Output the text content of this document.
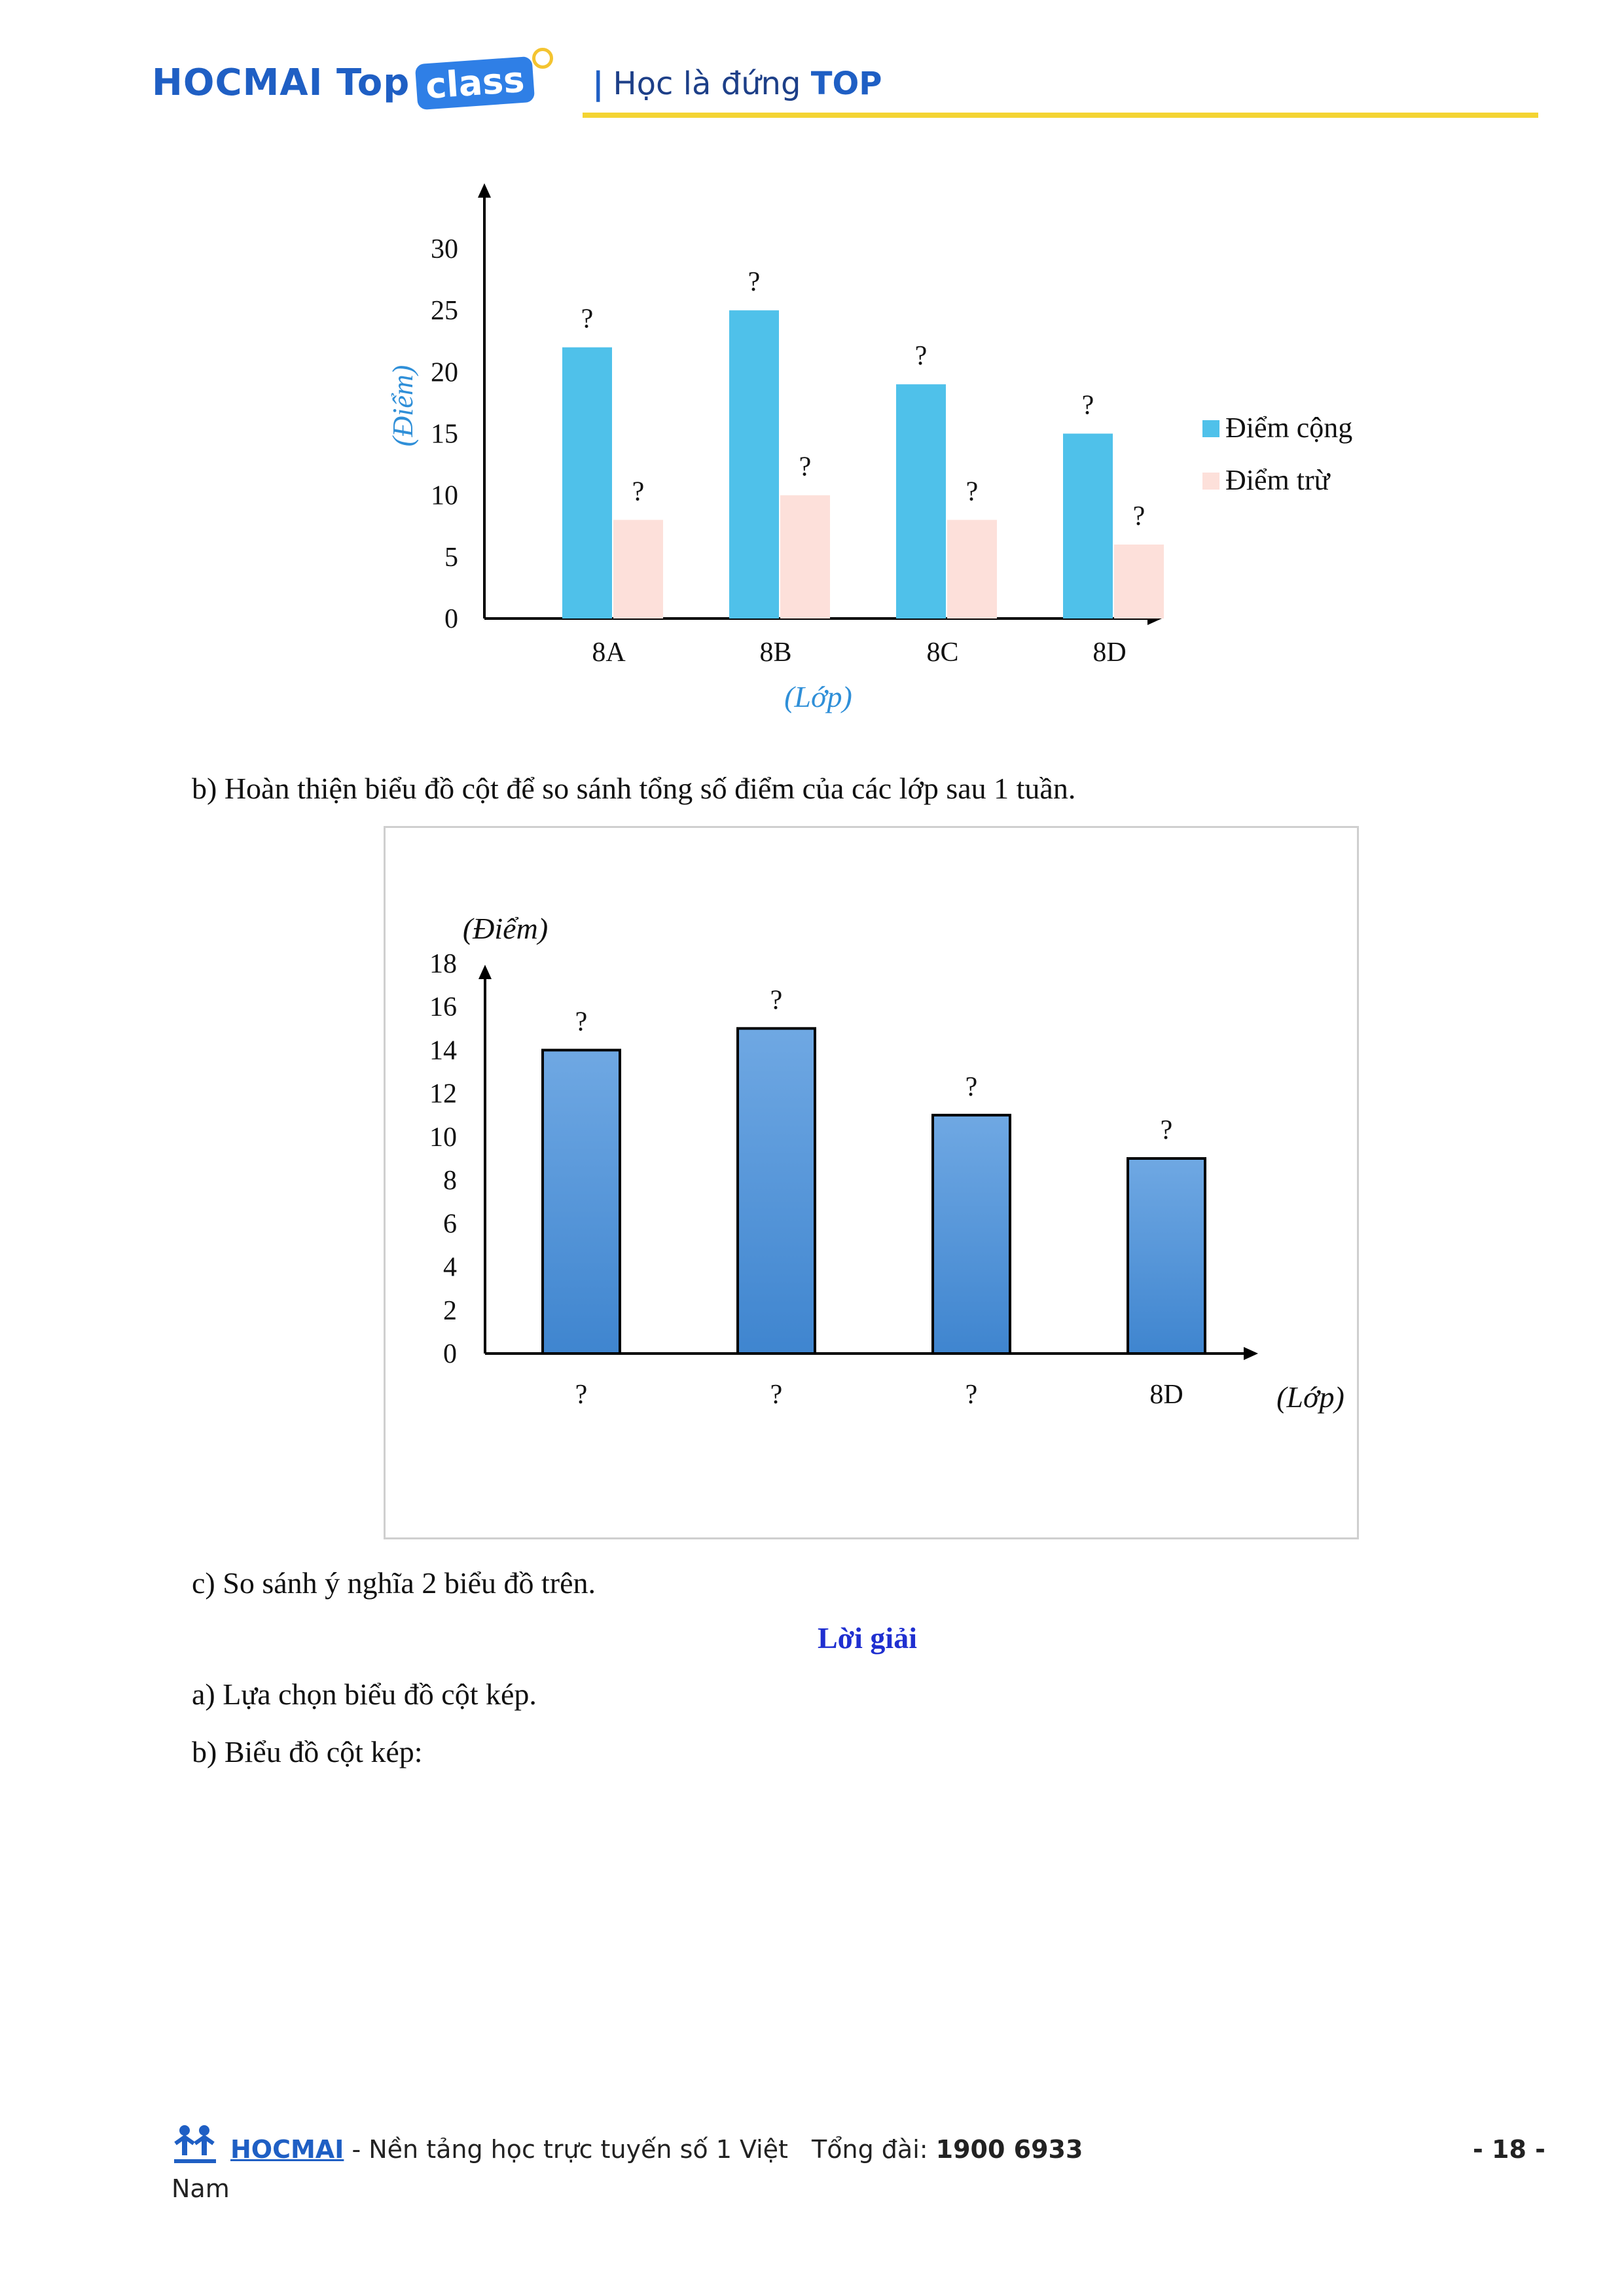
HOCMAI Top class	| Học là đứng TOP
0
5
10
15
20
25
30
?
?
?
?
?
?
?
?
8A	8B	8C	8D
(Điểm)
(Lớp)
Điểm cộng
Điểm trừ
b) Hoàn thiện biểu đồ cột để so sánh tổng số điểm của các lớp sau 1 tuần.
(Điểm)
0
2
4
6
8
10
12
14
16
18
?
?
?
?
?	?	?	8D	(Lớp)
c) So sánh ý nghĩa 2 biểu đồ trên.
Lời giải
a) Lựa chọn biểu đồ cột kép.
b) Biểu đồ cột kép:
HOCMAI - Nền tảng học trực tuyến số 1 Việt Tổng đài: 1900 6933
Nam
- 18 -
